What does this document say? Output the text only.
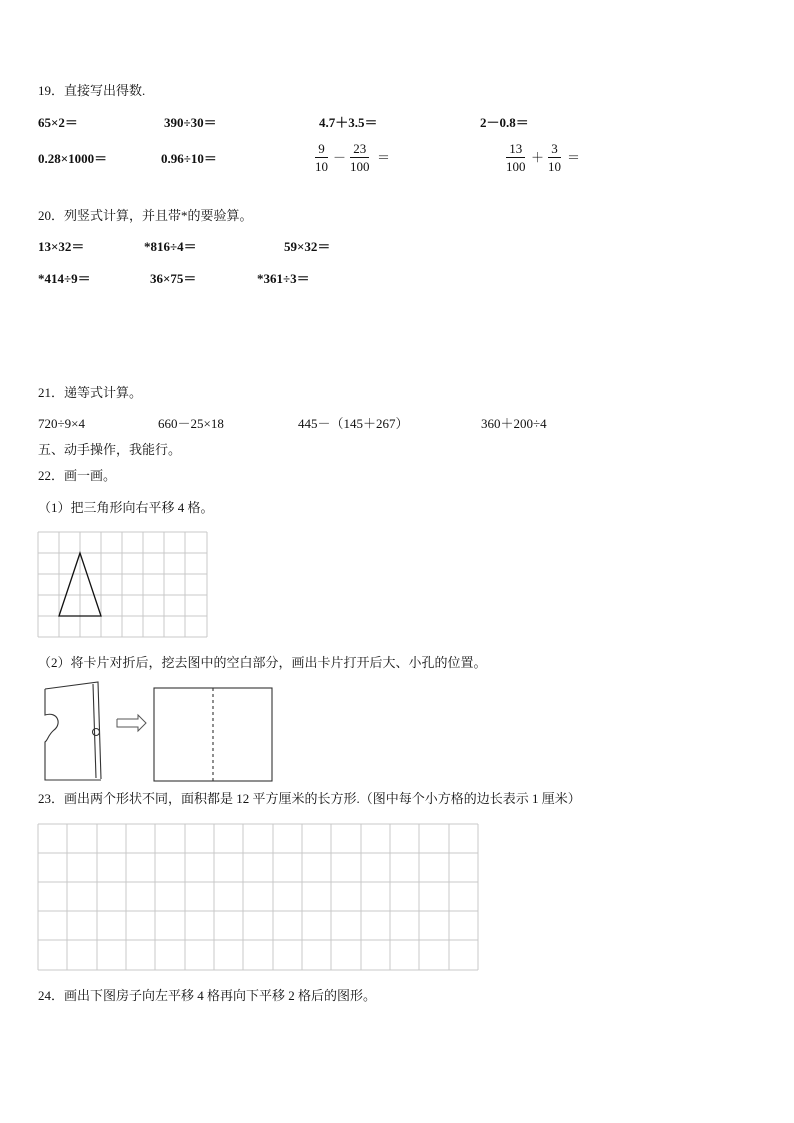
19．直接写出得数.
65×2＝	390÷30＝	4.7＋3.5＝	2－0.8＝
0.28×1000＝	0.96÷10＝	$\frac{9}{10} - \frac{23}{100}$ ＝	$\frac{13}{100} + \frac{3}{10}$ ＝
20．列竖式计算，并且带*的要验算。
13×32＝	*816÷4＝	59×32＝
*414÷9＝	36×75＝	*361÷3＝
21．递等式计算。
720÷9×4	660－25×18	445－（145＋267）	360＋200÷4
五、动手操作，我能行。
22．画一画。
（1）把三角形向右平移 4 格。
（2）将卡片对折后，挖去图中的空白部分，画出卡片打开后大、小孔的位置。
23．画出两个形状不同，面积都是 12 平方厘米的长方形.（图中每个小方格的边长表示 1 厘米）
24．画出下图房子向左平移 4 格再向下平移 2 格后的图形。
